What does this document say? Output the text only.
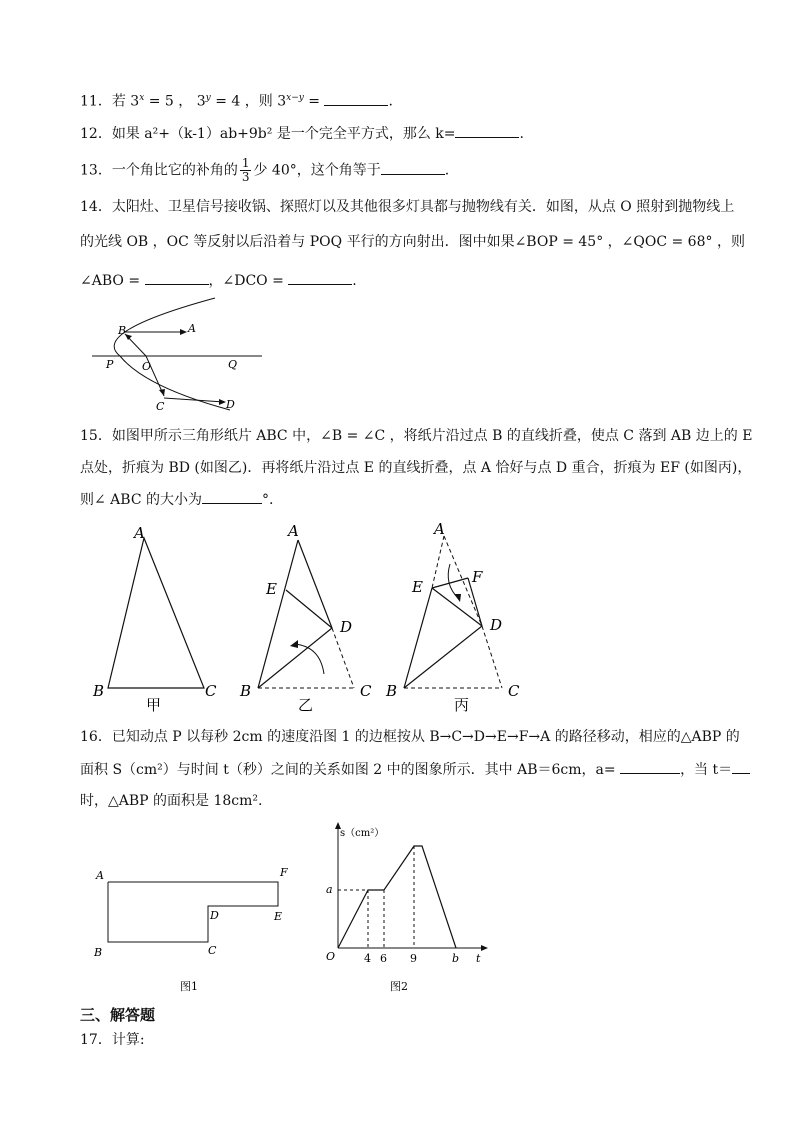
11．若 $3^x = 5$ ， $3^y = 4$ ，则 $3^{x-y}$ =	.
12．如果 a²+（k-1）ab+9b² 是一个完全平方式，那么 k=	.
13．一个角比它的补角的 $\frac{1}{3}$ 少 40°，这个角等于	.
14．太阳灶、卫星信号接收锅、探照灯以及其他很多灯具都与抛物线有关．如图，从点 O 照射到抛物线上
的光线 OB ，OC 等反射以后沿着与 POQ 平行的方向射出．图中如果∠BOP = 45° ，∠QOC = 68° ，则
∠ABO =	，∠DCO =	.
B	A
P	O	Q
C	D
15．如图甲所示三角形纸片 ABC 中，∠B = ∠C ，将纸片沿过点 B 的直线折叠，使点 C 落到 AB 边上的 E
点处，折痕为 BD (如图乙)．再将纸片沿过点 E 的直线折叠，点 A 恰好与点 D 重合，折痕为 EF (如图丙)，
则∠ ABC 的大小为	°.
A
B	C
甲
A
E
D
B	C
乙
A
E
F
D
B	C
丙
16．已知动点 P 以每秒 2cm 的速度沿图 1 的边框按从 B→C→D→E→F→A 的路径移动，相应的△ABP 的
面积 S（cm²）与时间 t（秒）之间的关系如图 2 中的图象所示．其中 AB＝6cm，a=	，当 t＝
时，△ABP 的面积是 18cm².
A	F
D	E
B	C
图1
s（cm²）
a
O	4 6 9	b t
图2
三、解答题
17．计算:
